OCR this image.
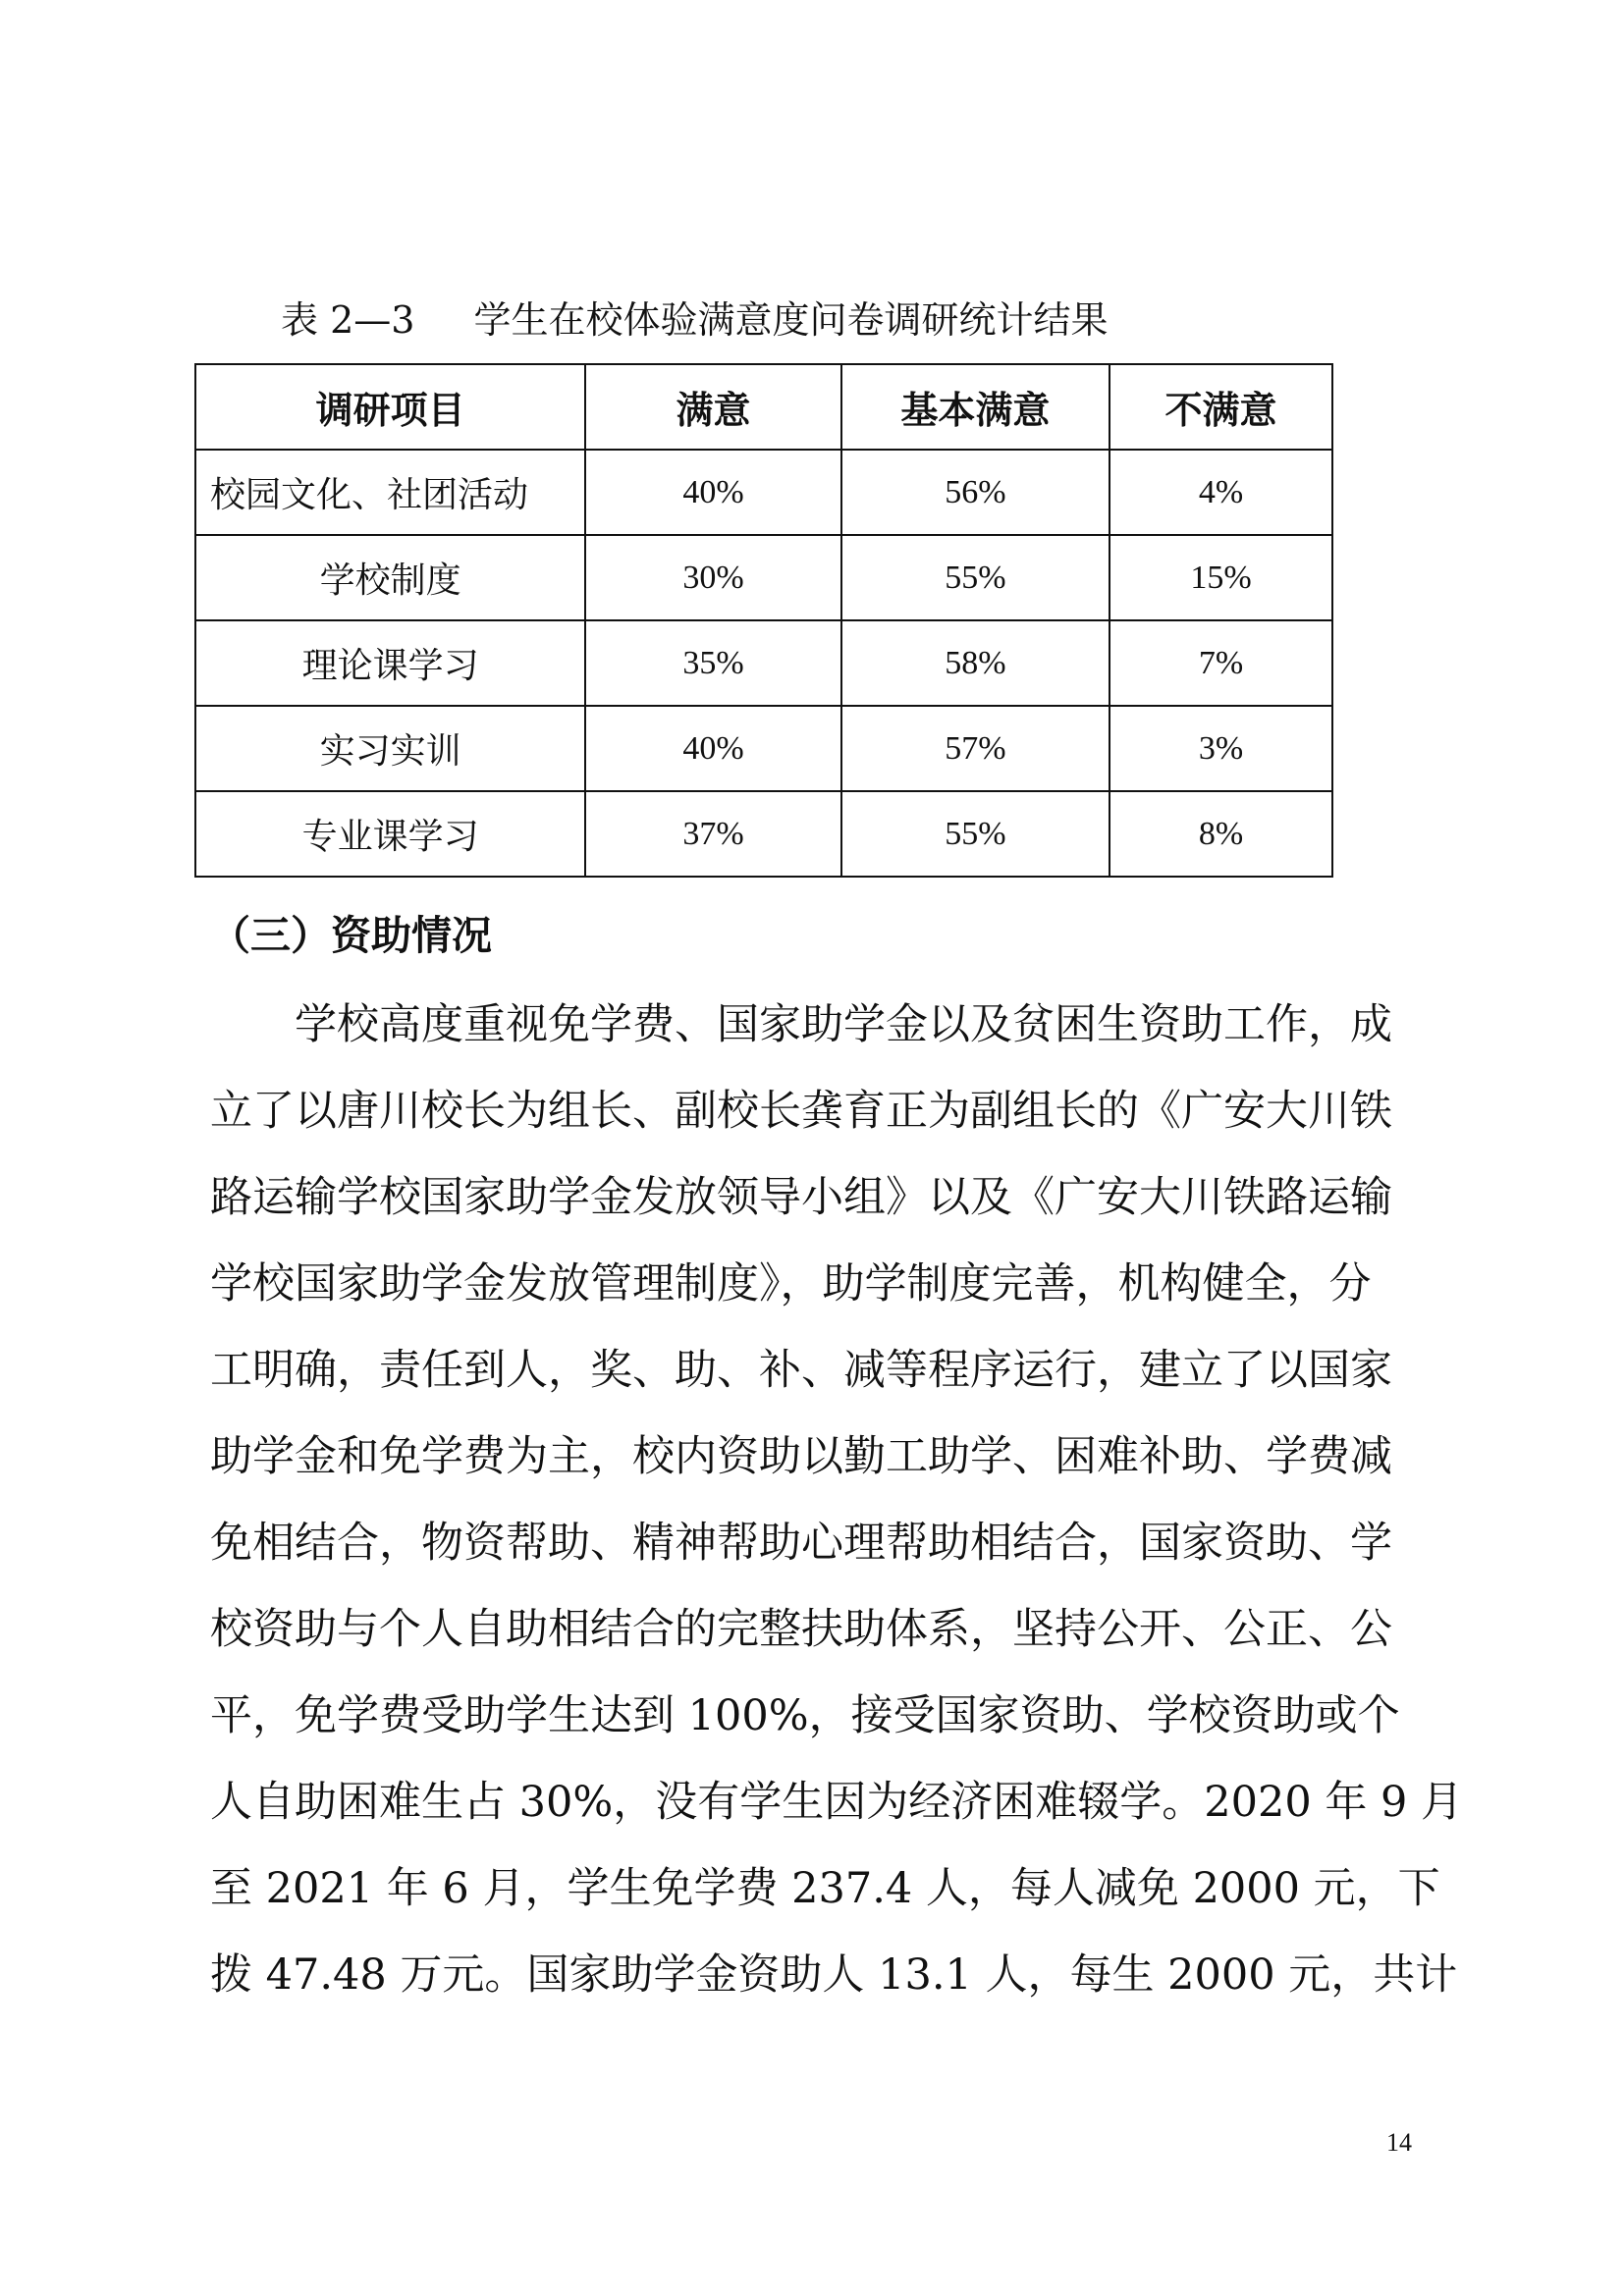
表 2—3 学生在校体验满意度问卷调研统计结果
调研项目	满意	基本满意	不满意
校园文化、社团活动	40%	56%	4%
学校制度	30%	55%	15%
理论课学习	35%	58%	7%
实习实训	40%	57%	3%
专业课学习	37%	55%	8%
（三）资助情况
学校高度重视免学费、国家助学金以及贫困生资助工作，成
立了以唐川校长为组长、副校长龚育正为副组长的《广安大川铁
路运输学校国家助学金发放领导小组》以及《广安大川铁路运输
学校国家助学金发放管理制度》，助学制度完善，机构健全，分
工明确，责任到人，奖、助、补、减等程序运行，建立了以国家
助学金和免学费为主，校内资助以勤工助学、困难补助、学费减
免相结合，物资帮助、精神帮助心理帮助相结合，国家资助、学
校资助与个人自助相结合的完整扶助体系，坚持公开、公正、公
平，免学费受助学生达到 100%，接受国家资助、学校资助或个
人自助困难生占 30%，没有学生因为经济困难辍学。2020 年 9 月
至 2021 年 6 月，学生免学费 237.4 人，每人减免 2000 元，下
拨 47.48 万元。国家助学金资助人 13.1 人，每生 2000 元，共计
14
